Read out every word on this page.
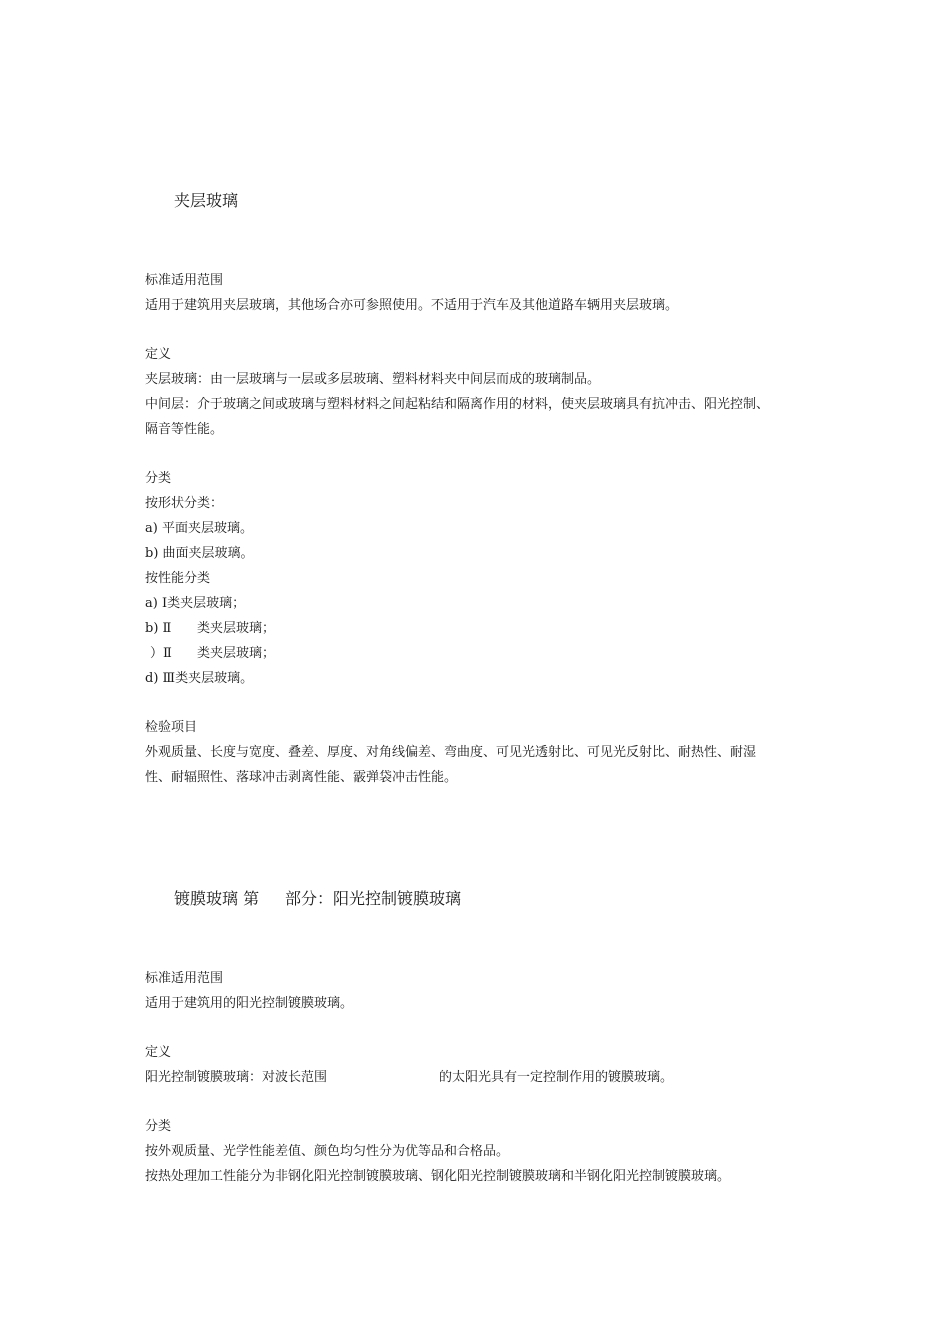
夹层玻璃
标准适用范围
适用于建筑用夹层玻璃，其他场合亦可参照使用。不适用于汽车及其他道路车辆用夹层玻璃。
定义
夹层玻璃：由一层玻璃与一层或多层玻璃、塑料材料夹中间层而成的玻璃制品。
中间层：介于玻璃之间或玻璃与塑料材料之间起粘结和隔离作用的材料，使夹层玻璃具有抗冲击、阳光控制、
隔音等性能。
分类
按形状分类：
a) 平面夹层玻璃。
b) 曲面夹层玻璃。
按性能分类
a) Ⅰ类夹层玻璃；
b) Ⅱ 类夹层玻璃；
）Ⅱ 类夹层玻璃；
d) Ⅲ类夹层玻璃。
检验项目
外观质量、长度与宽度、叠差、厚度、对角线偏差、弯曲度、可见光透射比、可见光反射比、耐热性、耐湿
性、耐辐照性、落球冲击剥离性能、霰弹袋冲击性能。
镀膜玻璃 第 部分：阳光控制镀膜玻璃
标准适用范围
适用于建筑用的阳光控制镀膜玻璃。
定义
阳光控制镀膜玻璃：对波长范围	的太阳光具有一定控制作用的镀膜玻璃。
分类
按外观质量、光学性能差值、颜色均匀性分为优等品和合格品。
按热处理加工性能分为非钢化阳光控制镀膜玻璃、钢化阳光控制镀膜玻璃和半钢化阳光控制镀膜玻璃。
